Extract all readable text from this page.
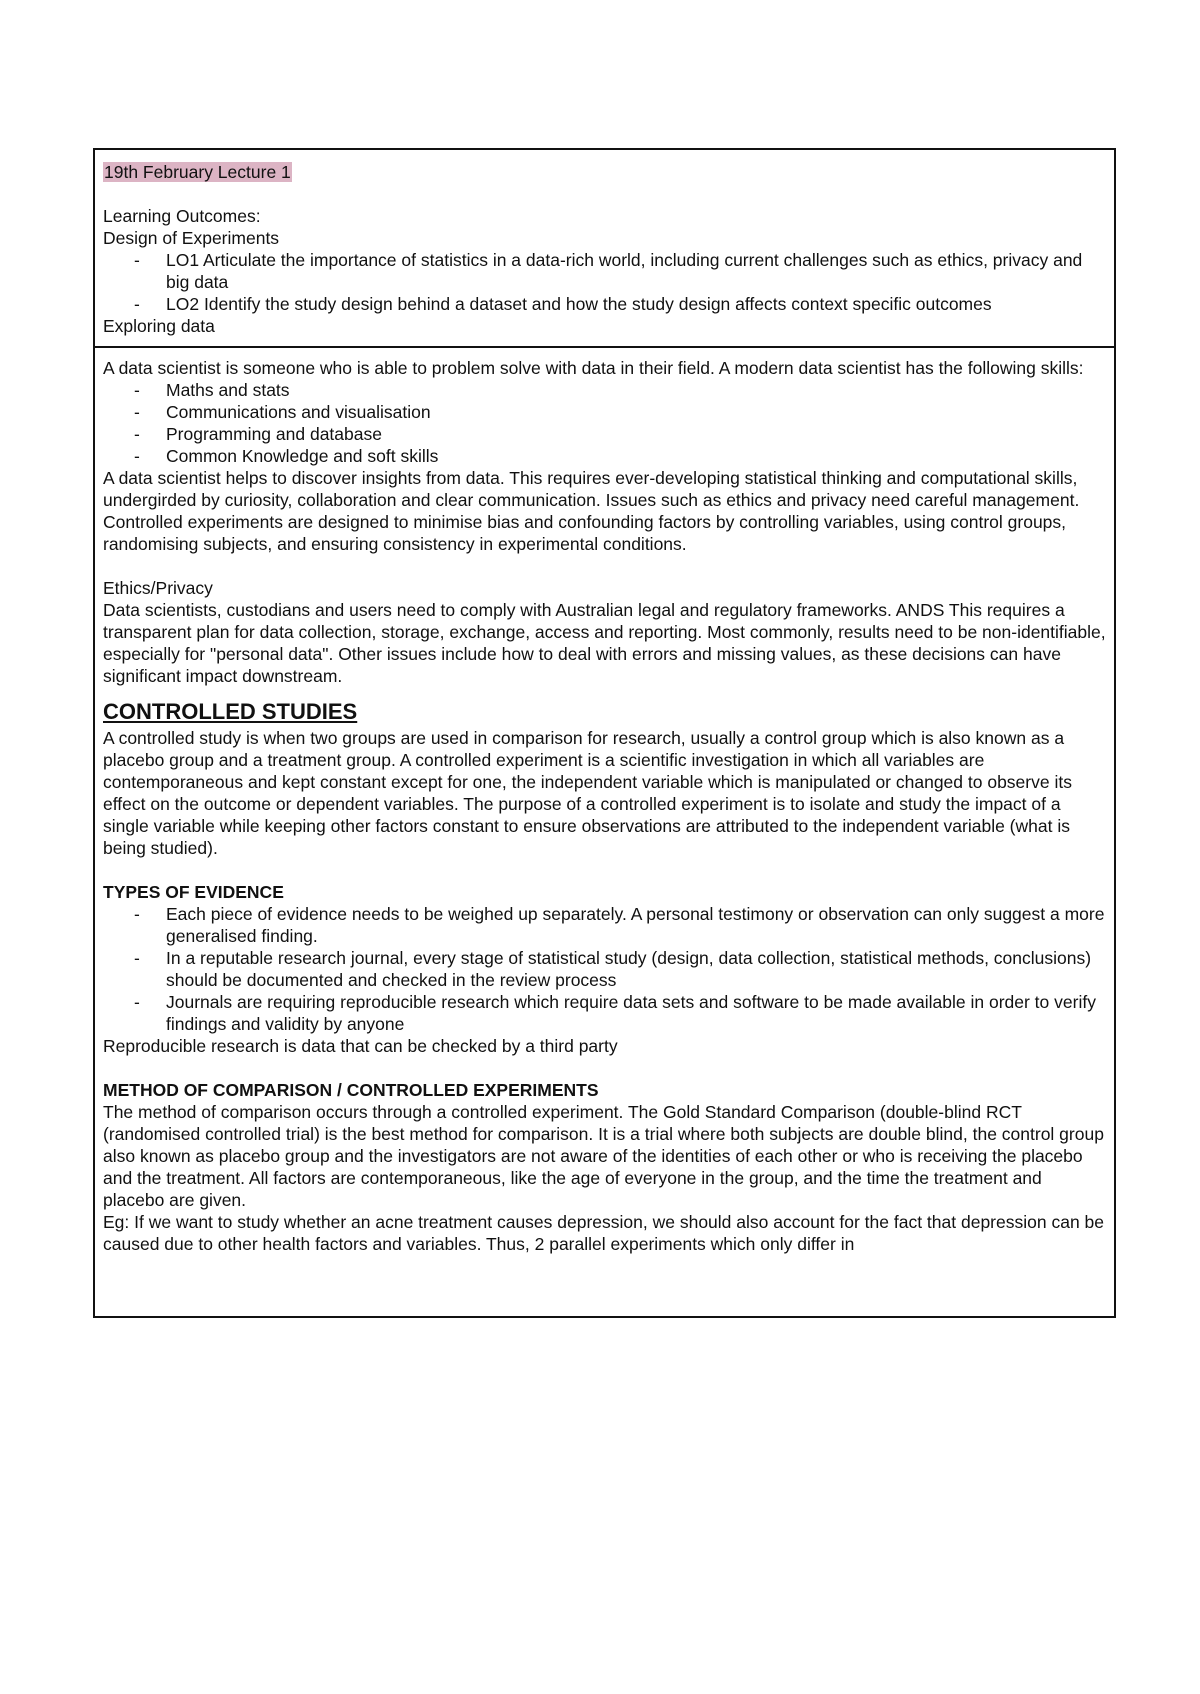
19th February Lecture 1

Learning Outcomes:

Design of Experiments

- LO1 Articulate the importance of statistics in a data-rich world, including current challenges such as ethics, privacy and big data
- LO2 Identify the study design behind a dataset and how the study design affects context specific outcomes

Exploring data

A data scientist is someone who is able to problem solve with data in their field. A modern data scientist has the following skills:

- Maths and stats
- Communications and visualisation
- Programming and database
- Common Knowledge and soft skills

A data scientist helps to discover insights from data. This requires ever-developing statistical thinking and computational skills, undergirded by curiosity, collaboration and clear communication. Issues such as ethics and privacy need careful management. Controlled experiments are designed to minimise bias and confounding factors by controlling variables, using control groups, randomising subjects, and ensuring consistency in experimental conditions.

Ethics/Privacy

Data scientists, custodians and users need to comply with Australian legal and regulatory frameworks. ANDS This requires a transparent plan for data collection, storage, exchange, access and reporting. Most commonly, results need to be non-identifiable, especially for "personal data". Other issues include how to deal with errors and missing values, as these decisions can have significant impact downstream.

CONTROLLED STUDIES

A controlled study is when two groups are used in comparison for research, usually a control group which is also known as a placebo group and a treatment group. A controlled experiment is a scientific investigation in which all variables are contemporaneous and kept constant except for one, the independent variable which is manipulated or changed to observe its effect on the outcome or dependent variables. The purpose of a controlled experiment is to isolate and study the impact of a single variable while keeping other factors constant to ensure observations are attributed to the independent variable (what is being studied).

TYPES OF EVIDENCE

- Each piece of evidence needs to be weighed up separately. A personal testimony or observation can only suggest a more generalised finding.
- In a reputable research journal, every stage of statistical study (design, data collection, statistical methods, conclusions) should be documented and checked in the review process
- Journals are requiring reproducible research which require data sets and software to be made available in order to verify findings and validity by anyone

Reproducible research is data that can be checked by a third party

METHOD OF COMPARISON / CONTROLLED EXPERIMENTS

The method of comparison occurs through a controlled experiment. The Gold Standard Comparison (double-blind RCT (randomised controlled trial) is the best method for comparison. It is a trial where both subjects are double blind, the control group also known as placebo group and the investigators are not aware of the identities of each other or who is receiving the placebo and the treatment. All factors are contemporaneous, like the age of everyone in the group, and the time the treatment and placebo are given.

Eg: If we want to study whether an acne treatment causes depression, we should also account for the fact that depression can be caused due to other health factors and variables. Thus, 2 parallel experiments which only differ in
